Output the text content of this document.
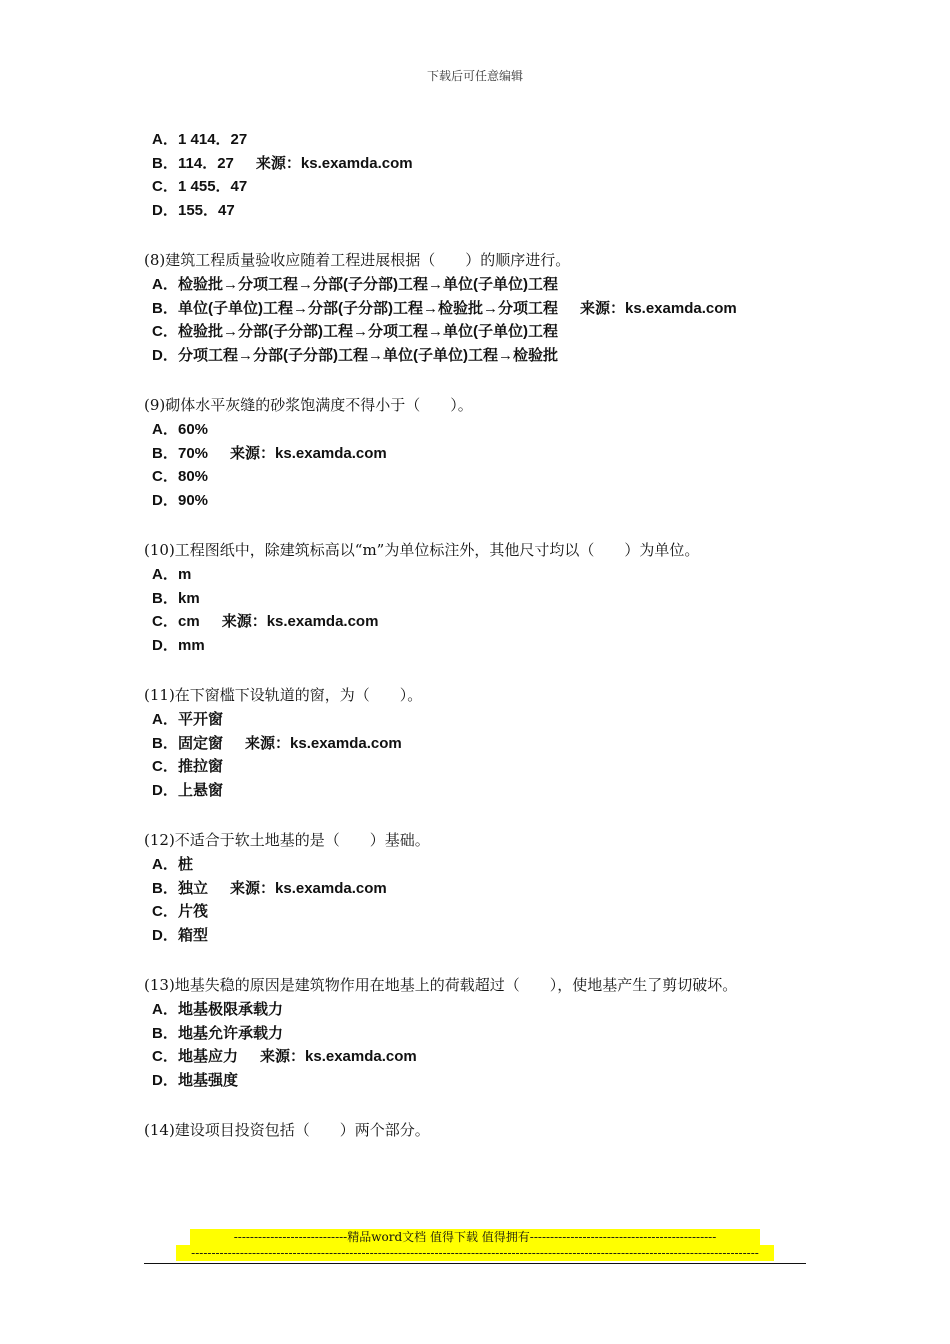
下载后可任意编辑
A．1 414．27
B．114．27 来源：ks.examda.com
C．1 455．47
D．155．47
(8)建筑工程质量验收应随着工程进展根据（　　）的顺序进行。
A．检验批→分项工程→分部(子分部)工程→单位(子单位)工程
B．单位(子单位)工程→分部(子分部)工程→检验批→分项工程 来源：ks.examda.com
C．检验批→分部(子分部)工程→分项工程→单位(子单位)工程
D．分项工程→分部(子分部)工程→单位(子单位)工程→检验批
(9)砌体水平灰缝的砂浆饱满度不得小于（　　）。
A．60%
B．70% 来源：ks.examda.com
C．80%
D．90%
(10)工程图纸中，除建筑标高以“m”为单位标注外，其他尺寸均以（　　）为单位。
A．m
B．km
C．cm 来源：ks.examda.com
D．mm
(11)在下窗槛下设轨道的窗，为（　　）。
A．平开窗
B．固定窗 来源：ks.examda.com
C．推拉窗
D．上悬窗
(12)不适合于软土地基的是（　　）基础。
A．桩
B．独立 来源：ks.examda.com
C．片筏
D．箱型
(13)地基失稳的原因是建筑物作用在地基上的荷载超过（　　），使地基产生了剪切破坏。
A．地基极限承载力
B．地基允许承载力
C．地基应力 来源：ks.examda.com
D．地基强度
(14)建设项目投资包括（　　）两个部分。
----------------------------精品word文档 值得下载 值得拥有----------------------------------------------
--------------------------------------------------------------------------------------------------------------------------------------------
